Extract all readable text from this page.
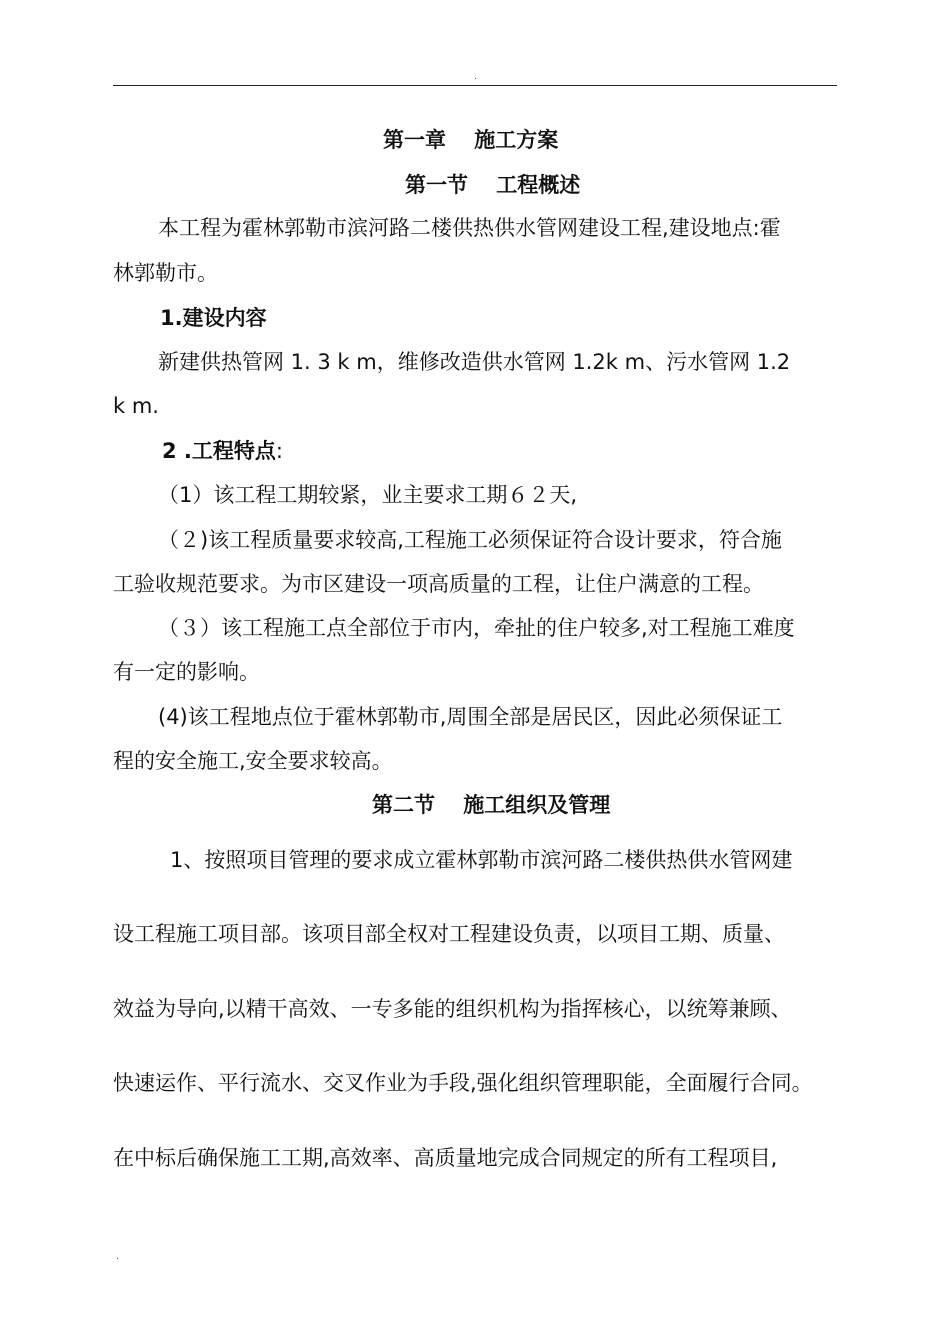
.
第一章　 施工方案
第一节　 工程概述
本工程为霍林郭勒市滨河路二楼供热供水管网建设工程,建设地点:霍
林郭勒市。
1.建设内容
新建供热管网 1. 3 k m，维修改造供水管网 1.2k m、污水管网 1.2
k m.
2 .工程特点:
（1）该工程工期较紧，业主要求工期６２天,
（２)该工程质量要求较高,工程施工必须保证符合设计要求，符合施
工验收规范要求。为市区建设一项高质量的工程，让住户满意的工程。
（３）该工程施工点全部位于市内，牵扯的住户较多,对工程施工难度
有一定的影响。
(4)该工程地点位于霍林郭勒市,周围全部是居民区，因此必须保证工
程的安全施工,安全要求较高。
第二节　 施工组织及管理
1、按照项目管理的要求成立霍林郭勒市滨河路二楼供热供水管网建
设工程施工项目部。该项目部全权对工程建设负责，以项目工期、质量、
效益为导向,以精干高效、一专多能的组织机构为指挥核心，以统筹兼顾、
快速运作、平行流水、交叉作业为手段,强化组织管理职能，全面履行合同。
在中标后确保施工工期,高效率、高质量地完成合同规定的所有工程项目,
.
